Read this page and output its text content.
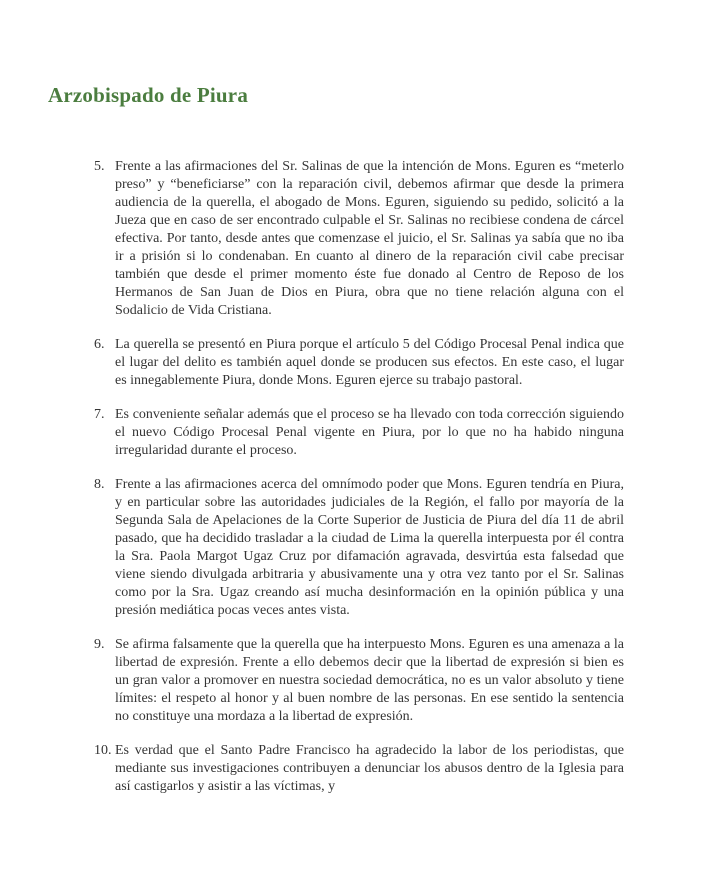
Arzobispado de Piura
5. Frente a las afirmaciones del Sr. Salinas de que la intención de Mons. Eguren es “meterlo preso” y “beneficiarse” con la reparación civil, debemos afirmar que desde la primera audiencia de la querella, el abogado de Mons. Eguren, siguiendo su pedido, solicitó a la Jueza que en caso de ser encontrado culpable el Sr. Salinas no recibiese condena de cárcel efectiva. Por tanto, desde antes que comenzase el juicio, el Sr. Salinas ya sabía que no iba ir a prisión si lo condenaban. En cuanto al dinero de la reparación civil cabe precisar también que desde el primer momento éste fue donado al Centro de Reposo de los Hermanos de San Juan de Dios en Piura, obra que no tiene relación alguna con el Sodalicio de Vida Cristiana.
6. La querella se presentó en Piura porque el artículo 5 del Código Procesal Penal indica que el lugar del delito es también aquel donde se producen sus efectos. En este caso, el lugar es innegablemente Piura, donde Mons. Eguren ejerce su trabajo pastoral.
7. Es conveniente señalar además que el proceso se ha llevado con toda corrección siguiendo el nuevo Código Procesal Penal vigente en Piura, por lo que no ha habido ninguna irregularidad durante el proceso.
8. Frente a las afirmaciones acerca del omnímodo poder que Mons. Eguren tendría en Piura, y en particular sobre las autoridades judiciales de la Región, el fallo por mayoría de la Segunda Sala de Apelaciones de la Corte Superior de Justicia de Piura del día 11 de abril pasado, que ha decidido trasladar a la ciudad de Lima la querella interpuesta por él contra la Sra. Paola Margot Ugaz Cruz por difamación agravada, desvirtúa esta falsedad que viene siendo divulgada arbitraria y abusivamente una y otra vez tanto por el Sr. Salinas como por la Sra. Ugaz creando así mucha desinformación en la opinión pública y una presión mediática pocas veces antes vista.
9. Se afirma falsamente que la querella que ha interpuesto Mons. Eguren es una amenaza a la libertad de expresión. Frente a ello debemos decir que la libertad de expresión si bien es un gran valor a promover en nuestra sociedad democrática, no es un valor absoluto y tiene límites: el respeto al honor y al buen nombre de las personas. En ese sentido la sentencia no constituye una mordaza a la libertad de expresión.
10. Es verdad que el Santo Padre Francisco ha agradecido la labor de los periodistas, que mediante sus investigaciones contribuyen a denunciar los abusos dentro de la Iglesia para así castigarlos y asistir a las víctimas, y
